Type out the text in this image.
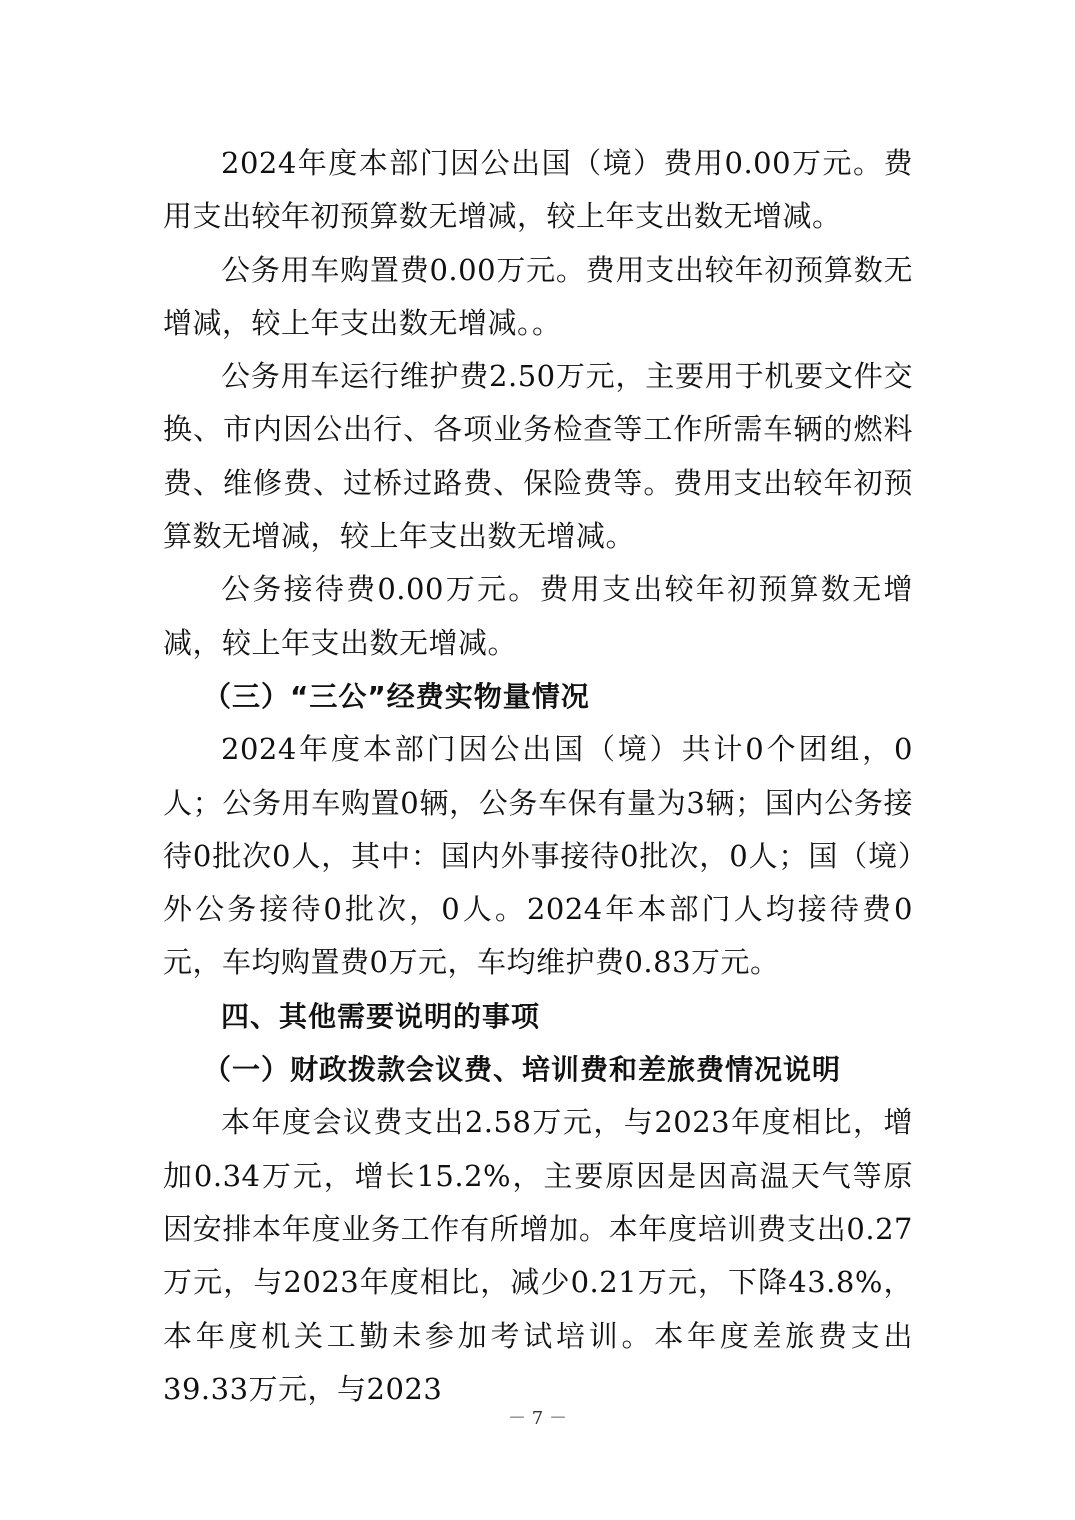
2024年度本部门因公出国（境）费用0.00万元。费用支出较年初预算数无增减，较上年支出数无增减。

公务用车购置费0.00万元。费用支出较年初预算数无增减，较上年支出数无增减。。

公务用车运行维护费2.50万元，主要用于机要文件交换、市内因公出行、各项业务检查等工作所需车辆的燃料费、维修费、过桥过路费、保险费等。费用支出较年初预算数无增减，较上年支出数无增减。

公务接待费0.00万元。费用支出较年初预算数无增减，较上年支出数无增减。

（三）“三公”经费实物量情况

2024年度本部门因公出国（境）共计0个团组，0人；公务用车购置0辆，公务车保有量为3辆；国内公务接待0批次0人，其中：国内外事接待0批次，0人；国（境）外公务接待0批次，0人。2024年本部门人均接待费0元，车均购置费0万元，车均维护费0.83万元。

四、其他需要说明的事项

（一）财政拨款会议费、培训费和差旅费情况说明

本年度会议费支出2.58万元，与2023年度相比，增加0.34万元，增长15.2%，主要原因是因高温天气等原因安排本年度业务工作有所增加。本年度培训费支出0.27万元，与2023年度相比，减少0.21万元，下降43.8%，本年度机关工勤未参加考试培训。本年度差旅费支出39.33万元，与2023

－ 7 －
